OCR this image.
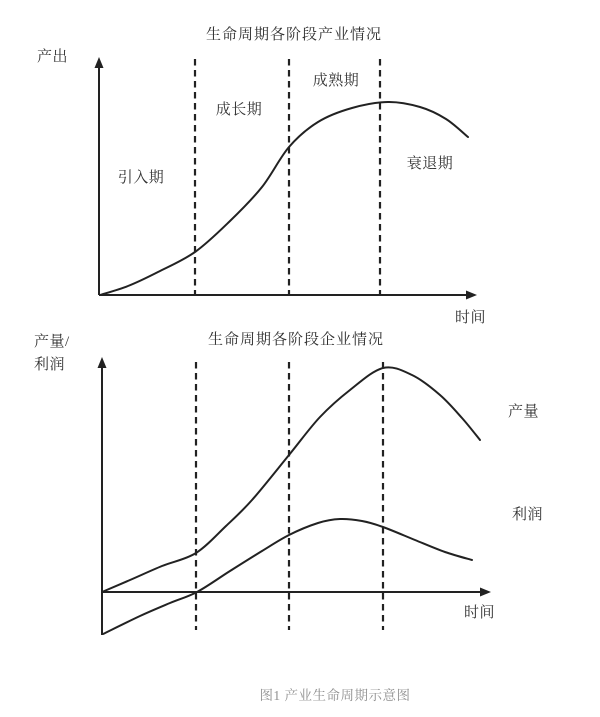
生命周期各阶段产业情况
产出
引入期
成长期
成熟期
衰退期
时间
生命周期各阶段企业情况
产量/
利润
产量
利润
时间
图1 产业生命周期示意图
